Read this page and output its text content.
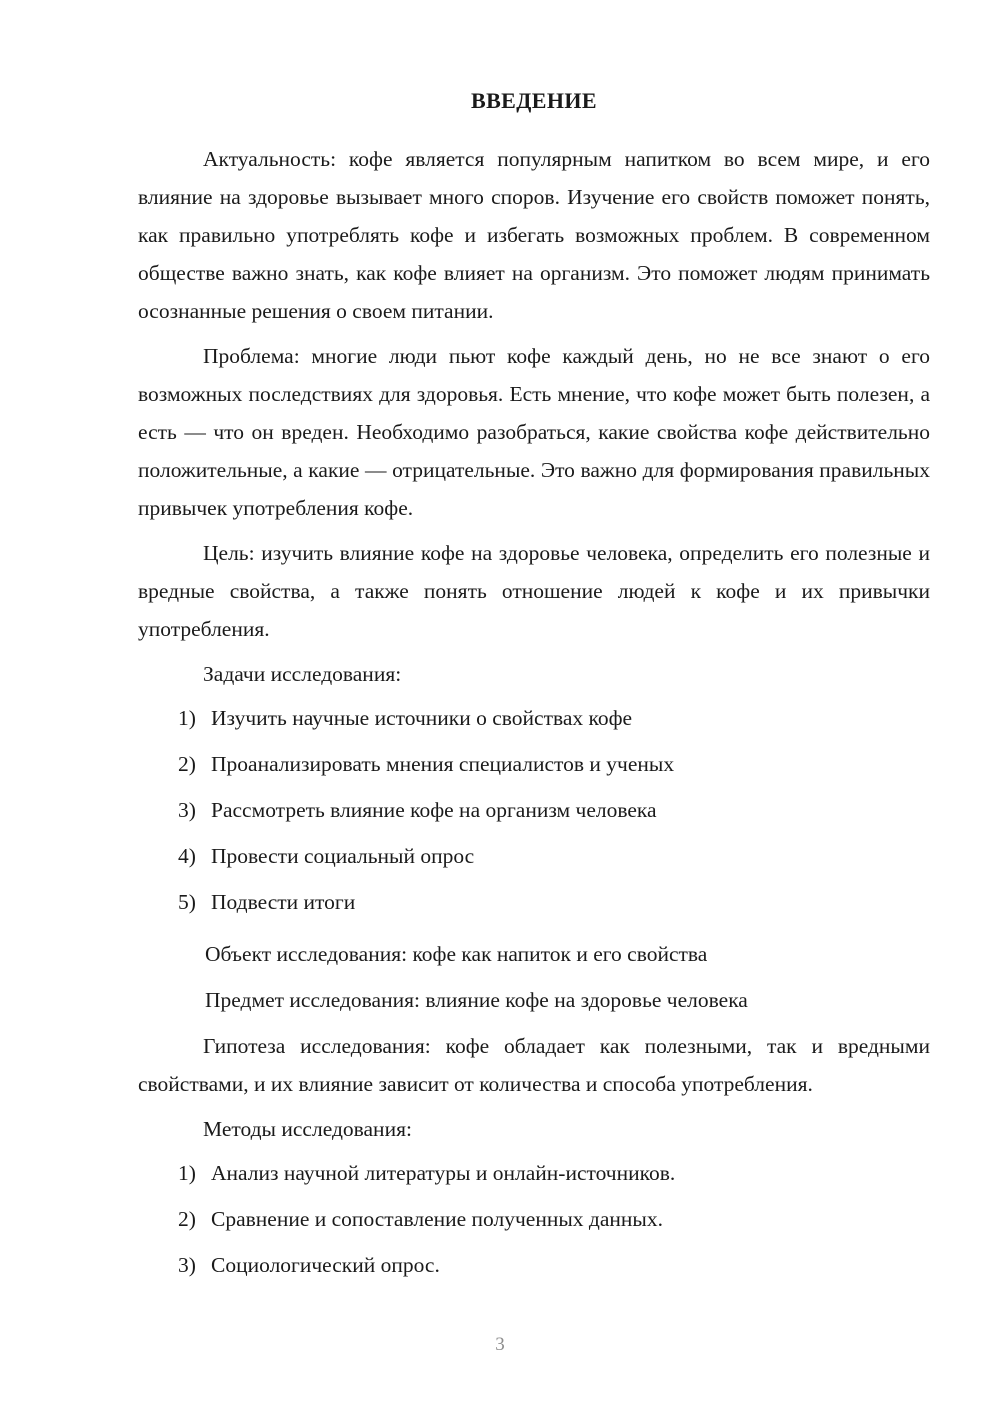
ВВЕДЕНИЕ

Актуальность: кофе является популярным напитком во всем мире, и его влияние на здоровье вызывает много споров. Изучение его свойств поможет понять, как правильно употреблять кофе и избегать возможных проблем. В современном обществе важно знать, как кофе влияет на организм. Это поможет людям принимать осознанные решения о своем питании.

Проблема: многие люди пьют кофе каждый день, но не все знают о его возможных последствиях для здоровья. Есть мнение, что кофе может быть полезен, а есть — что он вреден. Необходимо разобраться, какие свойства кофе действительно положительные, а какие — отрицательные. Это важно для формирования правильных привычек употребления кофе.

Цель: изучить влияние кофе на здоровье человека, определить его полезные и вредные свойства, а также понять отношение людей к кофе и их привычки употребления.

Задачи исследования:
1) Изучить научные источники о свойствах кофе
2) Проанализировать мнения специалистов и ученых
3) Рассмотреть влияние кофе на организм человека
4) Провести социальный опрос
5) Подвести итоги
Объект исследования: кофе как напиток и его свойства
Предмет исследования: влияние кофе на здоровье человека

Гипотеза исследования: кофе обладает как полезными, так и вредными свойствами, и их влияние зависит от количества и способа употребления.

Методы исследования:
1) Анализ научной литературы и онлайн-источников.
2) Сравнение и сопоставление полученных данных.
3) Социологический опрос.
3
